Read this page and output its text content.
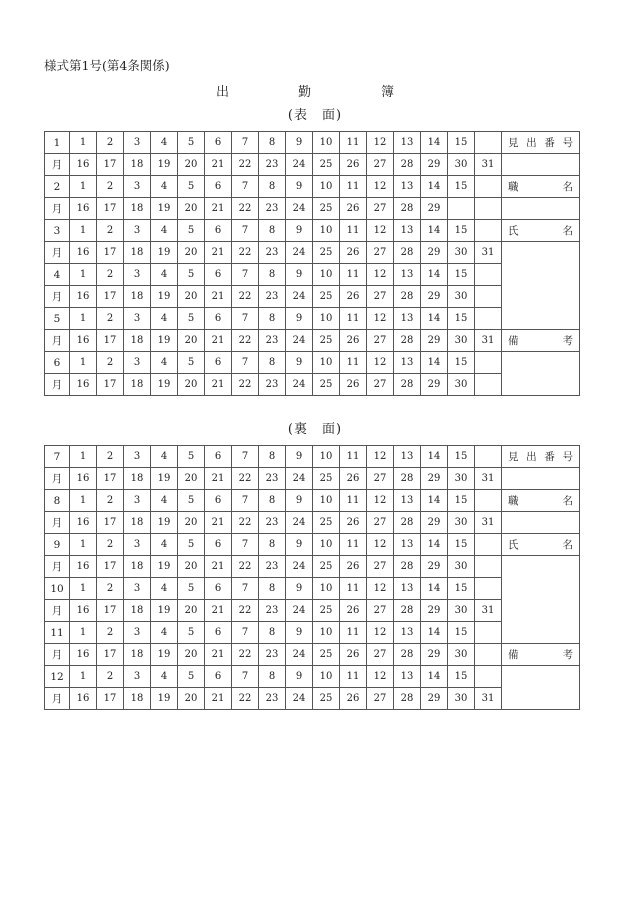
様式第1号(第4条関係)
出	勤	簿
(表　面)
1	1	2	3	4	5	6	7	8	9	10	11	12	13	14	15		見 出 番 号

月	16	17	18	19	20	21	22	23	24	25	26	27	28	29	30	31	
2	1	2	3	4	5	6	7	8	9	10	11	12	13	14	15		職 名

月	16	17	18	19	20	21	22	23	24	25	26	27	28	29			
3	1	2	3	4	5	6	7	8	9	10	11	12	13	14	15		氏 名

月	16	17	18	19	20	21	22	23	24	25	26	27	28	29	30	31	
4	1	2	3	4	5	6	7	8	9	10	11	12	13	14	15		
月	16	17	18	19	20	21	22	23	24	25	26	27	28	29	30		
5	1	2	3	4	5	6	7	8	9	10	11	12	13	14	15		
月	16	17	18	19	20	21	22	23	24	25	26	27	28	29	30	31	備 考

6	1	2	3	4	5	6	7	8	9	10	11	12	13	14	15		
月	16	17	18	19	20	21	22	23	24	25	26	27	28	29	30		
(裏　面)
7	1	2	3	4	5	6	7	8	9	10	11	12	13	14	15		見 出 番 号

月	16	17	18	19	20	21	22	23	24	25	26	27	28	29	30	31	
8	1	2	3	4	5	6	7	8	9	10	11	12	13	14	15		職 名

月	16	17	18	19	20	21	22	23	24	25	26	27	28	29	30	31	
9	1	2	3	4	5	6	7	8	9	10	11	12	13	14	15		氏 名

月	16	17	18	19	20	21	22	23	24	25	26	27	28	29	30		
10	1	2	3	4	5	6	7	8	9	10	11	12	13	14	15		
月	16	17	18	19	20	21	22	23	24	25	26	27	28	29	30	31	
11	1	2	3	4	5	6	7	8	9	10	11	12	13	14	15		
月	16	17	18	19	20	21	22	23	24	25	26	27	28	29	30		備 考

12	1	2	3	4	5	6	7	8	9	10	11	12	13	14	15		
月	16	17	18	19	20	21	22	23	24	25	26	27	28	29	30	31	
